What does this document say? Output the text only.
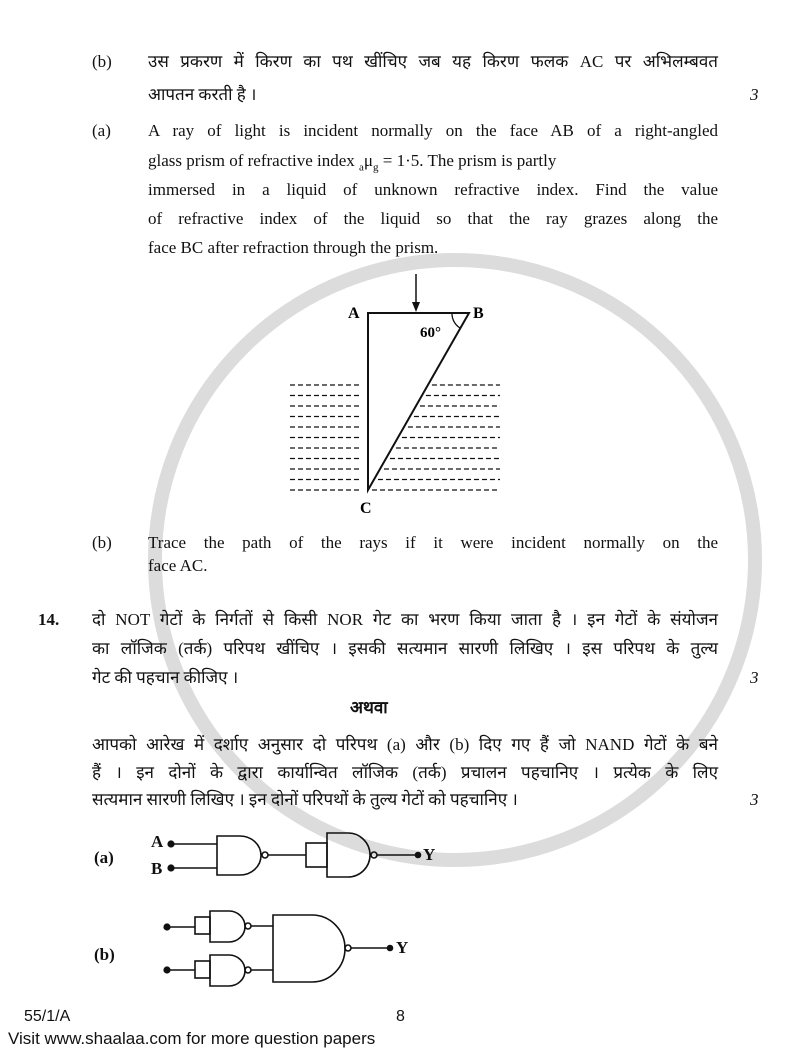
(b) उस प्रकरण में किरण का पथ खींचिए जब यह किरण फलक AC पर अभिलम्बवत
आपतन करती है ।	3
(a) A ray of light is incident normally on the face AB of a right-angled
glass prism of refractive index $_a\mu_g = 1\cdot 5$. The prism is partly
immersed in a liquid of unknown refractive index. Find the value
of refractive index of the liquid so that the ray grazes along the
face BC after refraction through the prism.
A	B
C
60°
(b) Trace the path of the rays if it were incident normally on the
face AC.
14. दो NOT गेटों के निर्गतों से किसी NOR गेट का भरण किया जाता है । इन गेटों के संयोजन
का लॉजिक (तर्क) परिपथ खींचिए । इसकी सत्यमान सारणी लिखिए । इस परिपथ के तुल्य
गेट की पहचान कीजिए ।	3
अथवा
आपको आरेख में दर्शाए अनुसार दो परिपथ (a) और (b) दिए गए हैं जो NAND गेटों के बने
हैं । इन दोनों के द्वारा कार्यान्वित लॉजिक (तर्क) प्रचालन पहचानिए । प्रत्येक के लिए
सत्यमान सारणी लिखिए । इन दोनों परिपथों के तुल्य गेटों को पहचानिए ।	3
(a)
A
B
Y
(b)	Y
55/1/A	8
Visit www.shaalaa.com for more question papers
